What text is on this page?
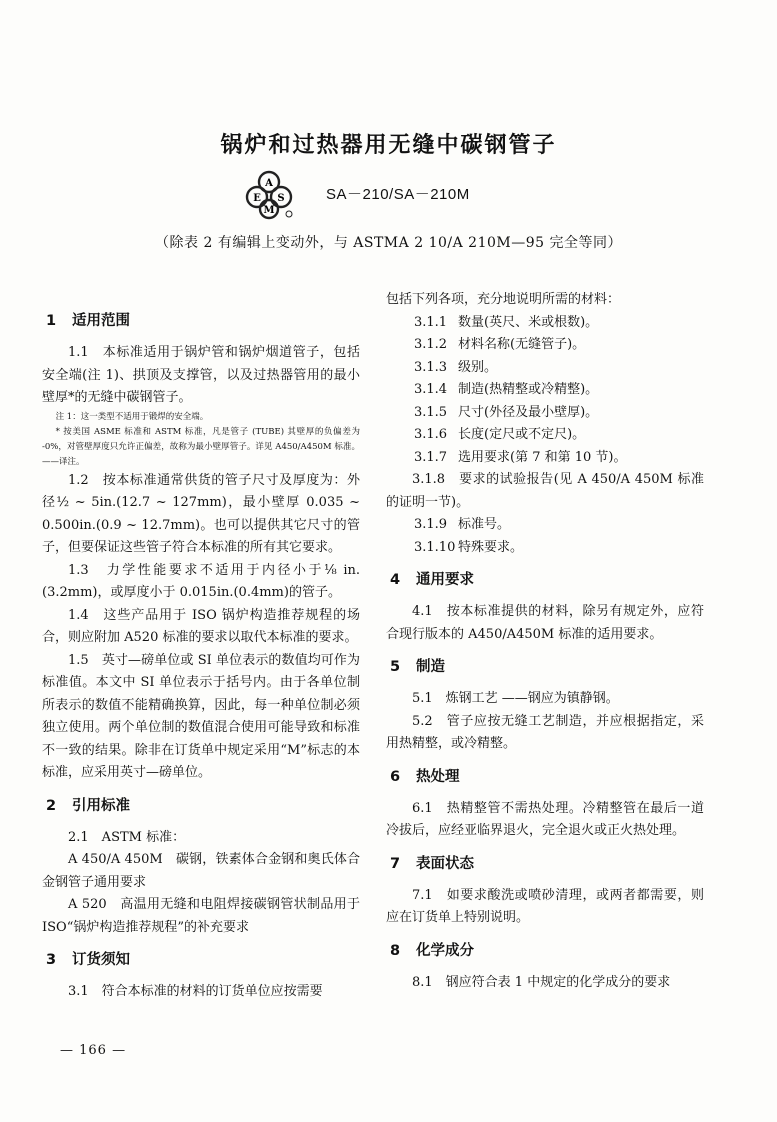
锅炉和过热器用无缝中碳钢管子
A
E S
M
SA－210/SA－210M
（除表 2 有编辑上变动外，与 ASTMA 2 10/A 210M—95 完全等同）
1 适用范围

1.1　本标准适用于锅炉管和锅炉烟道管子，包括安全端(注 1)、拱顶及支撑管，以及过热器管用的最小壁厚*的无缝中碳钢管子。

注 1：这一类型不适用于锻焊的安全端。

* 按美国 ASME 标准和 ASTM 标准，凡是管子 (TUBE) 其壁厚的负偏差为 -0%，对管壁厚度只允许正偏差，故称为最小壁厚管子。详见 A450/A450M 标准。——译注。

1.2　按本标准通常供货的管子尺寸及厚度为：外径½ ~ 5in.(12.7 ~ 127mm)，最小壁厚 0.035 ~ 0.500in.(0.9 ~ 12.7mm)。也可以提供其它尺寸的管子，但要保证这些管子符合本标准的所有其它要求。

1.3　力学性能要求不适用于内径小于⅛ in.(3.2mm)，或厚度小于 0.015in.(0.4mm)的管子。

1.4　这些产品用于 ISO 锅炉构造推荐规程的场合，则应附加 A520 标准的要求以取代本标准的要求。

1.5　英寸—磅单位或 SI 单位表示的数值均可作为标准值。本文中 SI 单位表示于括号内。由于各单位制所表示的数值不能精确换算，因此，每一种单位制必须独立使用。两个单位制的数值混合使用可能导致和标准不一致的结果。除非在订货单中规定采用“M”标志的本标准，应采用英寸—磅单位。

2 引用标准

2.1　ASTM 标准：

A 450/A 450M　碳钢，铁素体合金钢和奥氏体合金钢管子通用要求

A 520　高温用无缝和电阻焊接碳钢管状制品用于 ISO“锅炉构造推荐规程”的补充要求

3 订货须知

3.1　符合本标准的材料的订货单位应按需要

包括下列各项，充分地说明所需的材料：

3.1.1 数量(英尺、米或根数)。

3.1.2 材料名称(无缝管子)。

3.1.3 级别。

3.1.4 制造(热精整或冷精整)。

3.1.5 尺寸(外径及最小壁厚)。

3.1.6 长度(定尺或不定尺)。

3.1.7 选用要求(第 7 和第 10 节)。

3.1.8　要求的试验报告(见 A 450/A 450M 标准的证明一节)。

3.1.9 标准号。

3.1.10 特殊要求。

4 通用要求

4.1　按本标准提供的材料，除另有规定外，应符合现行版本的 A450/A450M 标准的适用要求。

5 制造

5.1　炼钢工艺 ——钢应为镇静钢。

5.2　管子应按无缝工艺制造，并应根据指定，采用热精整，或冷精整。

6 热处理

6.1　热精整管不需热处理。冷精整管在最后一道冷拔后，应经亚临界退火，完全退火或正火热处理。

7 表面状态

7.1　如要求酸洗或喷砂清理，或两者都需要，则应在订货单上特别说明。

8 化学成分

8.1　钢应符合表 1 中规定的化学成分的要求

— 166 —
